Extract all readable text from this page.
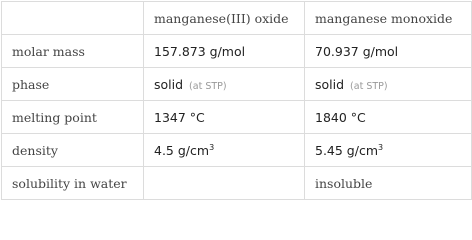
	manganese(III) oxide	manganese monoxide
molar mass	157.873 g/mol	70.937 g/mol
phase	solid (at STP)	solid (at STP)
melting point	1347 °C	1840 °C
density	4.5 $g/cm^3$	5.45 $g/cm^3$
solubility in water		insoluble
